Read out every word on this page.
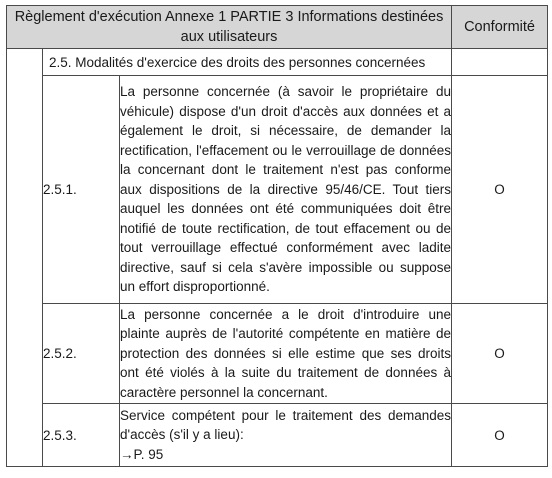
Règlement d'exécution Annexe 1 PARTIE 3 Informations destinées aux utilisateurs			Conformité
	2.5. Modalités d'exercice des droits des personnes concernées		
	2.5.1.	La personne concernée (à savoir le propriétaire du véhicule) dispose d'un droit d'accès aux données et a également le droit, si nécessaire, de demander la rectification, l'effacement ou le verrouillage de données la concernant dont le traitement n'est pas conforme aux dispositions de la directive 95/46/CE. Tout tiers auquel les données ont été communiquées doit être notifié de toute rectification, de tout effacement ou de tout verrouillage effectué conformément avec ladite directive, sauf si cela s'avère impossible ou suppose un effort disproportionné.	O
	2.5.2.	La personne concernée a le droit d'introduire une plainte auprès de l'autorité compétente en matière de protection des données si elle estime que ses droits ont été violés à la suite du traitement de données à caractère personnel la concernant.	O
	2.5.3.	Service compétent pour le traitement des demandes d'accès (s'il y a lieu):
→P. 95	O
